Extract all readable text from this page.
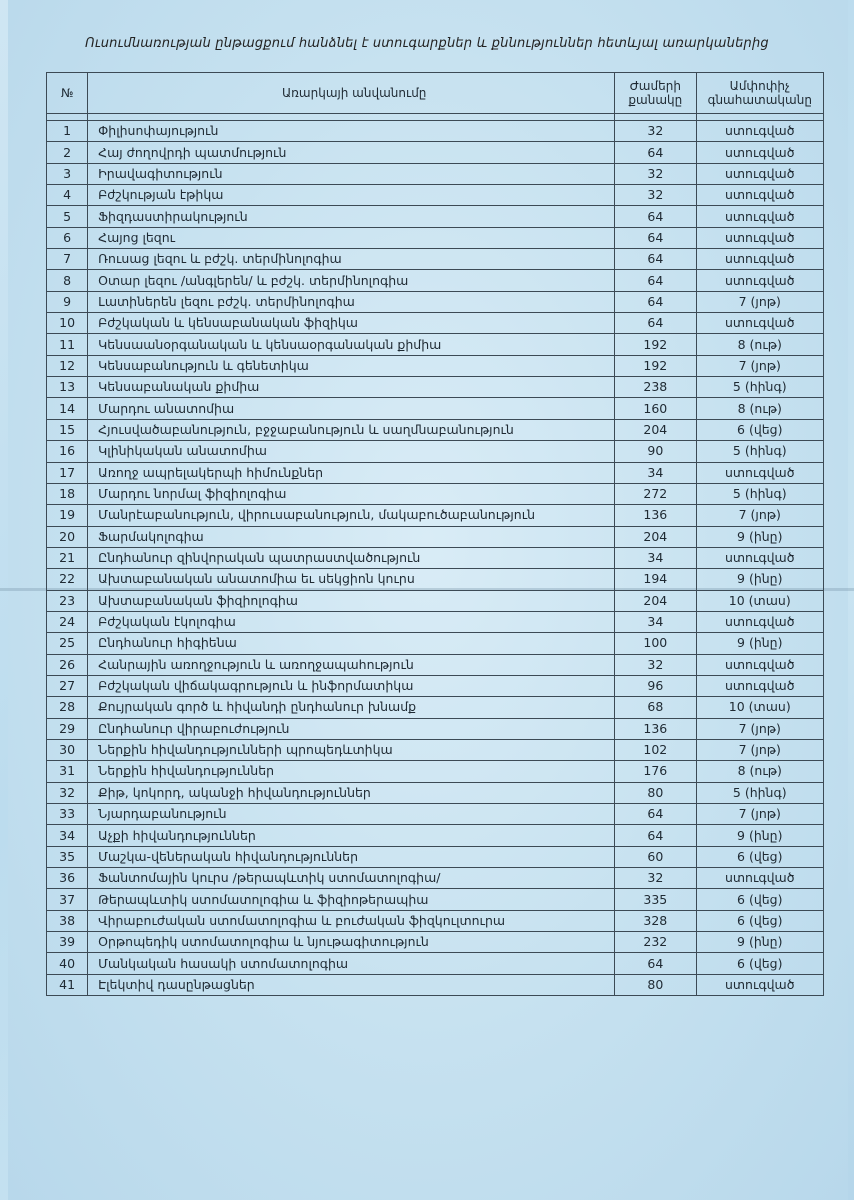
Ուսումնառության ընթացքում հանձնել է ստուգարքներ և քննություններ հետևյալ առարկաներից
№	Առարկայի անվանումը	Ժամերի քանակը	Ամփոփիչ գնահատականը

1	Փիլիսոփայություն	32	ստուգված
2	Հայ ժողովրդի պատմություն	64	ստուգված
3	Իրավագիտություն	32	ստուգված
4	Բժշկության էթիկա	32	ստուգված
5	Ֆիզդաստիրակություն	64	ստուգված
6	Հայոց լեզու	64	ստուգված
7	Ռուսաց լեզու և բժշկ. տերմինոլոգիա	64	ստուգված
8	Օտար լեզու /անգլերեն/ և բժշկ. տերմինոլոգիա	64	ստուգված
9	Լատիներեն լեզու բժշկ. տերմինոլոգիա	64	7 (յոթ)
10	Բժշկական և կենսաբանական ֆիզիկա	64	ստուգված
11	Կենսաանօրգանական և կենսաօրգանական քիմիա	192	8 (ութ)
12	Կենսաբանություն և գենետիկա	192	7 (յոթ)
13	Կենսաբանական քիմիա	238	5 (հինգ)
14	Մարդու անատոմիա	160	8 (ութ)
15	Հյուսվածաբանություն, բջջաբանություն և սաղմնաբանություն	204	6 (վեց)
16	Կլինիկական անատոմիա	90	5 (հինգ)
17	Առողջ ապրելակերպի հիմունքներ	34	ստուգված
18	Մարդու նորմալ ֆիզիոլոգիա	272	5 (հինգ)
19	Մանրէաբանություն, վիրուսաբանություն, մակաբուծաբանություն	136	7 (յոթ)
20	Ֆարմակոլոգիա	204	9 (ինը)
21	Ընդհանուր զինվորական պատրաստվածություն	34	ստուգված
22	Ախտաբանական անատոմիա եւ սեկցիոն կուրս	194	9 (ինը)
23	Ախտաբանական ֆիզիոլոգիա	204	10 (տաս)
24	Բժշկական էկոլոգիա	34	ստուգված
25	Ընդհանուր հիգիենա	100	9 (ինը)
26	Հանրային առողջություն և առողջապահություն	32	ստուգված
27	Բժշկական վիճակագրություն և ինֆորմատիկա	96	ստուգված
28	Քույրական գործ և հիվանդի ընդհանուր խնամք	68	10 (տաս)
29	Ընդհանուր վիրաբուժություն	136	7 (յոթ)
30	Ներքին հիվանդությունների պրոպեդևտիկա	102	7 (յոթ)
31	Ներքին հիվանդություններ	176	8 (ութ)
32	Քիթ, կոկորդ, ականջի հիվանդություններ	80	5 (հինգ)
33	Նյարդաբանություն	64	7 (յոթ)
34	Աչքի հիվանդություններ	64	9 (ինը)
35	Մաշկա-վեներական հիվանդություններ	60	6 (վեց)
36	Ֆանտոմային կուրս /թերապևտիկ ստոմատոլոգիա/	32	ստուգված
37	Թերապևտիկ ստոմատոլոգիա և ֆիզիոթերապիա	335	6 (վեց)
38	Վիրաբուժական ստոմատոլոգիա և բուժական ֆիզկուլտուրա	328	6 (վեց)
39	Օրթոպեդիկ ստոմատոլոգիա և նյութագիտություն	232	9 (ինը)
40	Մանկական հասակի ստոմատոլոգիա	64	6 (վեց)
41	Էլեկտիվ դասընթացներ	80	ստուգված
